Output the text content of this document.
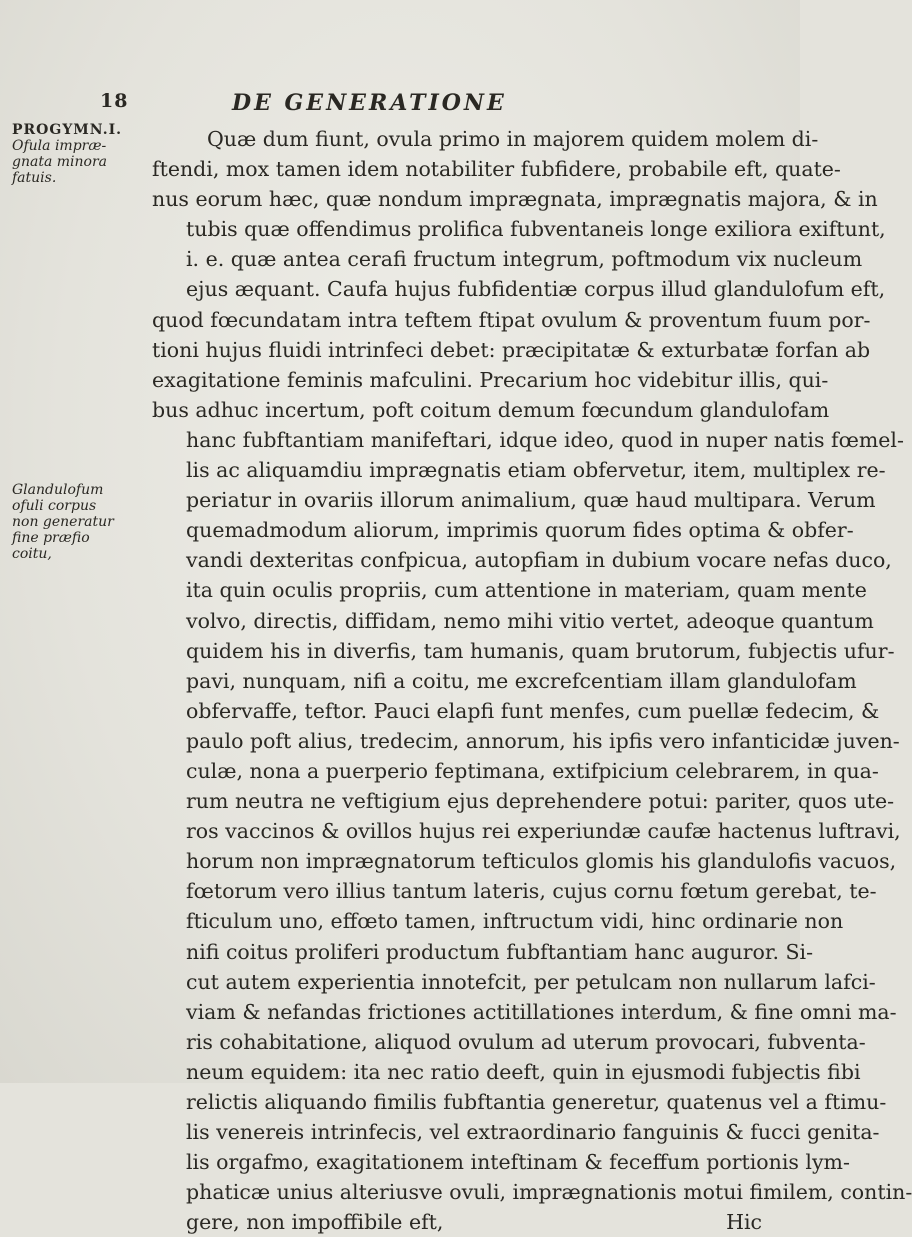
18	DE GENERATIONE
PROGYMN.I.
Ofula impræ-
gnata minora
fatuis.
Glandulofum
ofuli corpus
non generatur
fine præfio
coitu,
Quæ dum fiunt, ovula primo in majorem quidem molem di-
ftendi, mox tamen idem notabiliter fubfidere, probabile eft, quate-
nus eorum hæc, quæ nondum imprægnata, imprægnatis majora, & in
tubis quæ offendimus prolifica fubventaneis longe exiliora exiftunt,
i. e. quæ antea cerafi fructum integrum, poftmodum vix nucleum
ejus æquant. Caufa hujus fubfidentiæ corpus illud glandulofum eft,
quod fœcundatam intra teftem ftipat ovulum & proventum fuum por-
tioni hujus fluidi intrinfeci debet: præcipitatæ & exturbatæ forfan ab
exagitatione feminis mafculini. Precarium hoc videbitur illis, qui-
bus adhuc incertum, poft coitum demum fœcundum glandulofam
hanc fubftantiam manifeftari, idque ideo, quod in nuper natis fœmel-
lis ac aliquamdiu imprægnatis etiam obfervetur, item, multiplex re-
periatur in ovariis illorum animalium, quæ haud multipara. Verum
quemadmodum aliorum, imprimis quorum fides optima & obfer-
vandi dexteritas confpicua, autopfiam in dubium vocare nefas duco,
ita quin oculis propriis, cum attentione in materiam, quam mente
volvo, directis, diffidam, nemo mihi vitio vertet, adeoque quantum
quidem his in diverfis, tam humanis, quam brutorum, fubjectis ufur-
pavi, nunquam, nifi a coitu, me excrefcentiam illam glandulofam
obfervaffe, teftor. Pauci elapfi funt menfes, cum puellæ fedecim, &
paulo poft alius, tredecim, annorum, his ipfis vero infanticidæ juven-
culæ, nona a puerperio feptimana, extifpicium celebrarem, in qua-
rum neutra ne veftigium ejus deprehendere potui: pariter, quos ute-
ros vaccinos & ovillos hujus rei experiundæ caufæ hactenus luftravi,
horum non imprægnatorum tefticulos glomis his glandulofis vacuos,
fœtorum vero illius tantum lateris, cujus cornu fœtum gerebat, te-
fticulum uno, effœto tamen, inftructum vidi, hinc ordinarie non
nifi coitus proliferi productum fubftantiam hanc auguror. Si-
cut autem experientia innotefcit, per petulcam non nullarum lafci-
viam & nefandas frictiones actitillationes interdum, & fine omni ma-
ris cohabitatione, aliquod ovulum ad uterum provocari, fubventa-
neum equidem: ita nec ratio deeft, quin in ejusmodi fubjectis fibi
relictis aliquando fimilis fubftantia generetur, quatenus vel a ftimu-
lis venereis intrinfecis, vel extraordinario fanguinis & fucci genita-
lis orgafmo, exagitationem inteftinam & feceffum portionis lym-
phaticæ unius alteriusve ovuli, imprægnationis motui fimilem, contin-
gere, non impoffibile eft,	Hic
